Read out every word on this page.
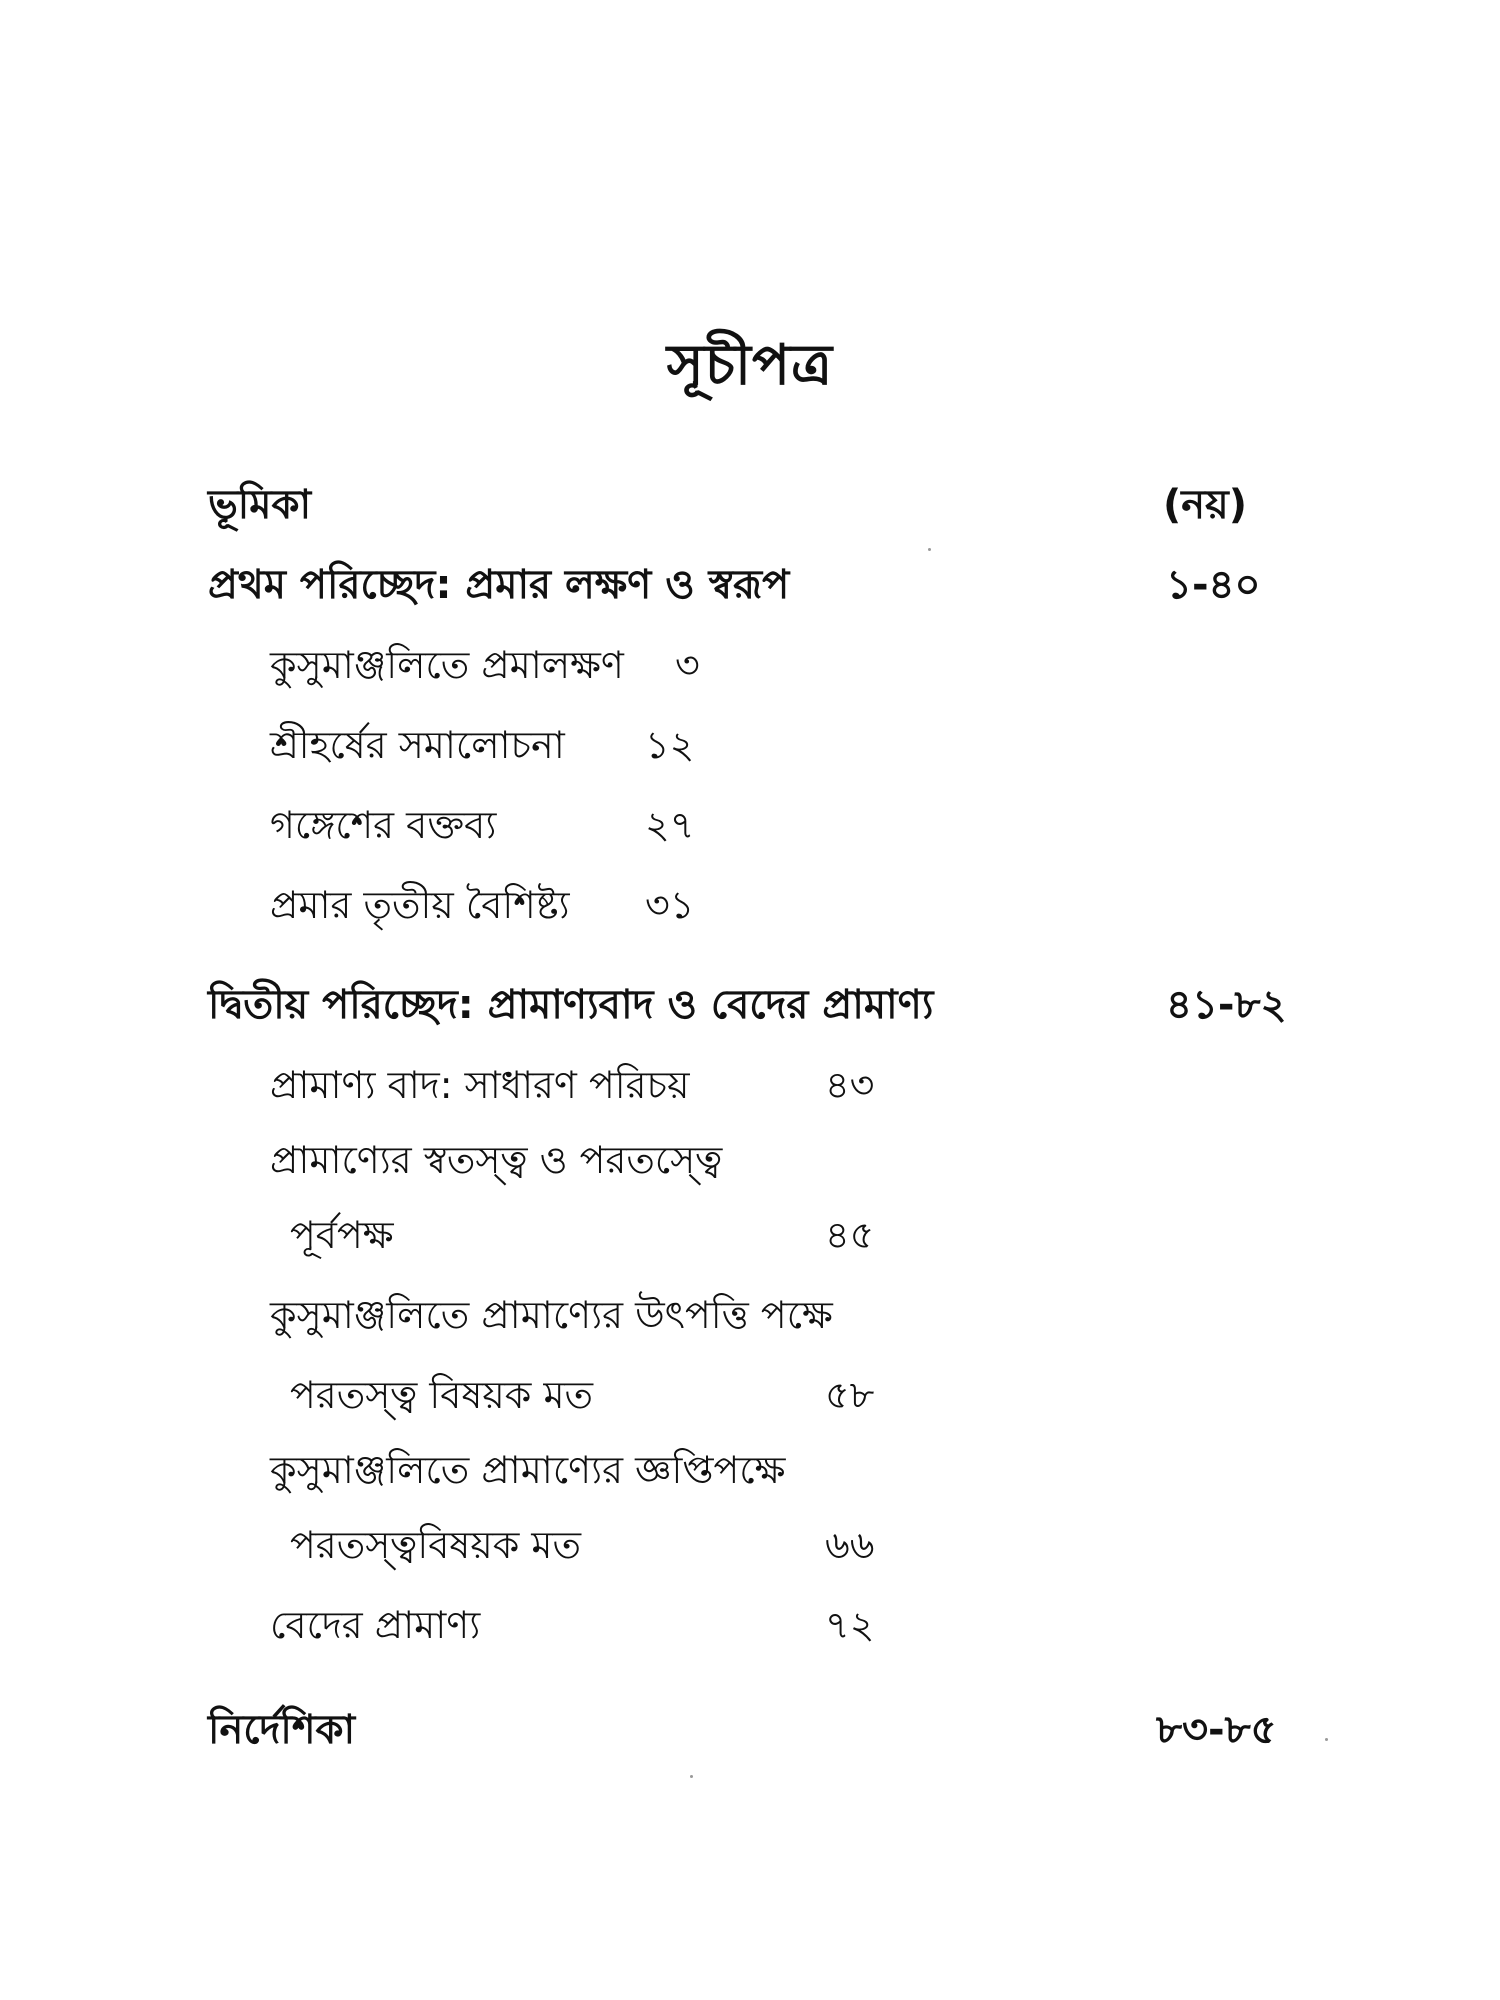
সূচীপত্র
ভূমিকা	(নয়)
প্রথম পরিচ্ছেদ: প্রমার লক্ষণ ও স্বরূপ	১-৪০
কুসুমাঞ্জলিতে প্রমালক্ষণ ৩
শ্রীহর্ষের সমালোচনা ১২
গঙ্গেশের বক্তব্য	২৭
প্রমার তৃতীয় বৈশিষ্ট্য ৩১
দ্বিতীয় পরিচ্ছেদ: প্রামাণ্যবাদ ও বেদের প্রামাণ্য	৪১-৮২
প্রামাণ্য বাদ: সাধারণ পরিচয়	৪৩
প্রামাণ্যের স্বতস্ত্ব ও পরতস্ত্বে
পূর্বপক্ষ	৪৫
কুসুমাঞ্জলিতে প্রামাণ্যের উৎপত্তি পক্ষে
পরতস্ত্ব বিষয়ক মত	৫৮
কুসুমাঞ্জলিতে প্রামাণ্যের জ্ঞপ্তিপক্ষে
পরতস্ত্ববিষয়ক মত	৬৬
বেদের প্রামাণ্য	৭২
নির্দেশিকা	৮৩-৮৫
